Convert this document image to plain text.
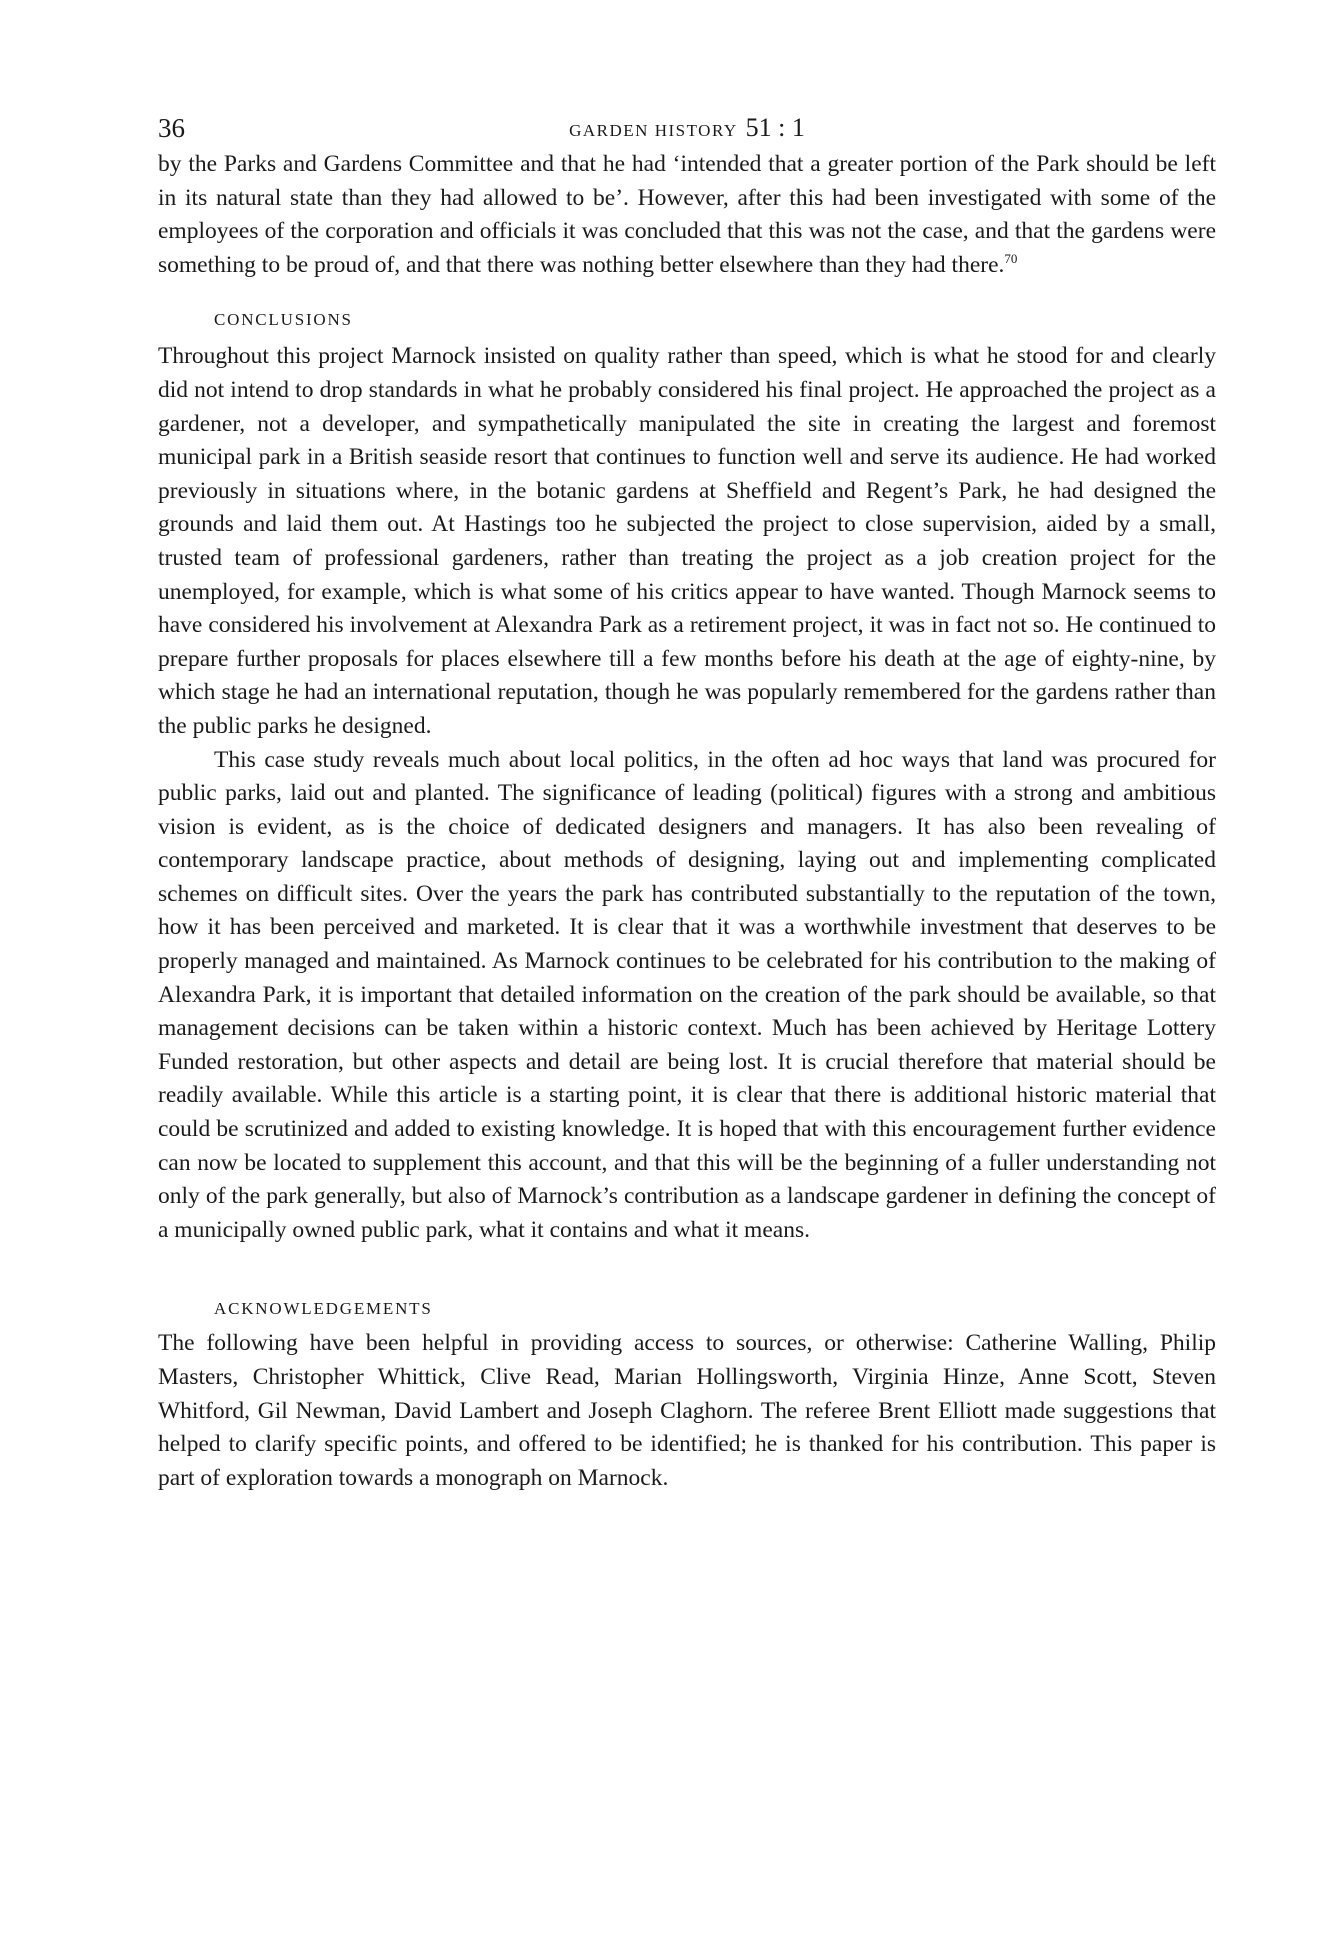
36	GARDEN HISTORY 51 : 1

by the Parks and Gardens Committee and that he had ‘intended that a greater portion of the Park should be left in its natural state than they had allowed to be’. However, after this had been investigated with some of the employees of the corporation and officials it was concluded that this was not the case, and that the gardens were something to be proud of, and that there was nothing better elsewhere than they had there.$^{70}$

CONCLUSIONS

Throughout this project Marnock insisted on quality rather than speed, which is what he stood for and clearly did not intend to drop standards in what he probably considered his final project. He approached the project as a gardener, not a developer, and sympathetically manipulated the site in creating the largest and foremost municipal park in a British seaside resort that continues to function well and serve its audience. He had worked previously in situations where, in the botanic gardens at Sheffield and Regent’s Park, he had designed the grounds and laid them out. At Hastings too he subjected the project to close supervision, aided by a small, trusted team of professional gardeners, rather than treating the project as a job creation project for the unemployed, for example, which is what some of his critics appear to have wanted. Though Marnock seems to have considered his involvement at Alexandra Park as a retirement project, it was in fact not so. He continued to prepare further proposals for places elsewhere till a few months before his death at the age of eighty-nine, by which stage he had an international reputation, though he was popularly remembered for the gardens rather than the public parks he designed.

This case study reveals much about local politics, in the often ad hoc ways that land was procured for public parks, laid out and planted. The significance of leading (political) figures with a strong and ambitious vision is evident, as is the choice of dedicated designers and managers. It has also been revealing of contemporary landscape practice, about methods of designing, laying out and implementing complicated schemes on difficult sites. Over the years the park has contributed substantially to the reputation of the town, how it has been perceived and marketed. It is clear that it was a worthwhile investment that deserves to be properly managed and maintained. As Marnock continues to be celebrated for his contribution to the making of Alexandra Park, it is important that detailed information on the creation of the park should be available, so that management decisions can be taken within a historic context. Much has been achieved by Heritage Lottery Funded restoration, but other aspects and detail are being lost. It is crucial therefore that material should be readily available. While this article is a starting point, it is clear that there is additional historic material that could be scrutinized and added to existing knowledge. It is hoped that with this encouragement further evidence can now be located to supplement this account, and that this will be the beginning of a fuller understanding not only of the park generally, but also of Marnock’s contribution as a landscape gardener in defining the concept of a municipally owned public park, what it contains and what it means.

ACKNOWLEDGEMENTS

The following have been helpful in providing access to sources, or otherwise: Catherine Walling, Philip Masters, Christopher Whittick, Clive Read, Marian Hollingsworth, Virginia Hinze, Anne Scott, Steven Whitford, Gil Newman, David Lambert and Joseph Claghorn. The referee Brent Elliott made suggestions that helped to clarify specific points, and offered to be identified; he is thanked for his contribution. This paper is part of exploration towards a monograph on Marnock.
